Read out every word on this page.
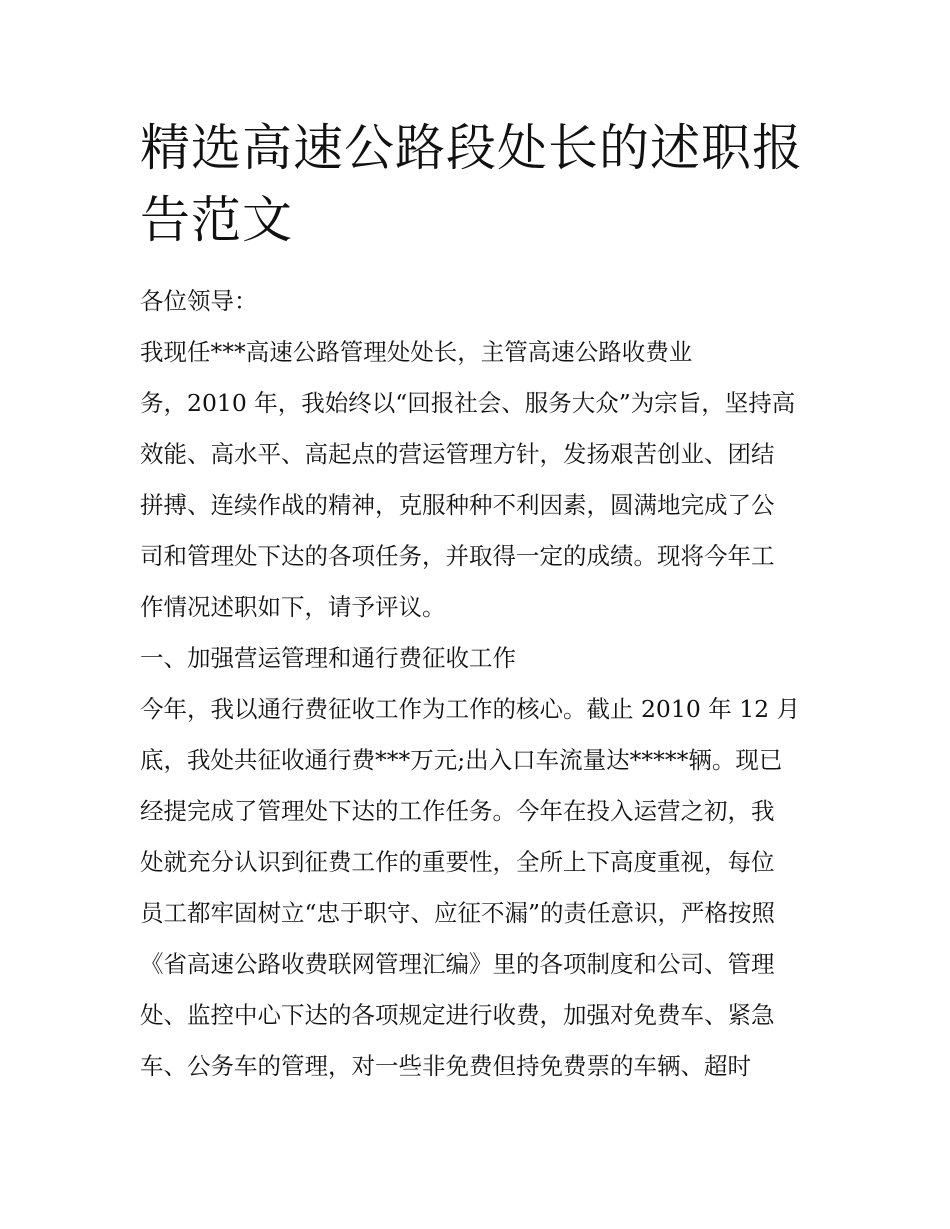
精选高速公路段处长的述职报
告范文
各位领导：
我现任***高速公路管理处处长，主管高速公路收费业
务，2010 年，我始终以“回报社会、服务大众”为宗旨，坚持高
效能、高水平、高起点的营运管理方针，发扬艰苦创业、团结
拼搏、连续作战的精神，克服种种不利因素，圆满地完成了公
司和管理处下达的各项任务，并取得一定的成绩。现将今年工
作情况述职如下，请予评议。
一、加强营运管理和通行费征收工作
今年，我以通行费征收工作为工作的核心。截止 2010 年 12 月
底，我处共征收通行费***万元;出入口车流量达*****辆。现已
经提完成了管理处下达的工作任务。今年在投入运营之初，我
处就充分认识到征费工作的重要性，全所上下高度重视，每位
员工都牢固树立“忠于职守、应征不漏”的责任意识，严格按照
《省高速公路收费联网管理汇编》里的各项制度和公司、管理
处、监控中心下达的各项规定进行收费，加强对免费车、紧急
车、公务车的管理，对一些非免费但持免费票的车辆、超时
